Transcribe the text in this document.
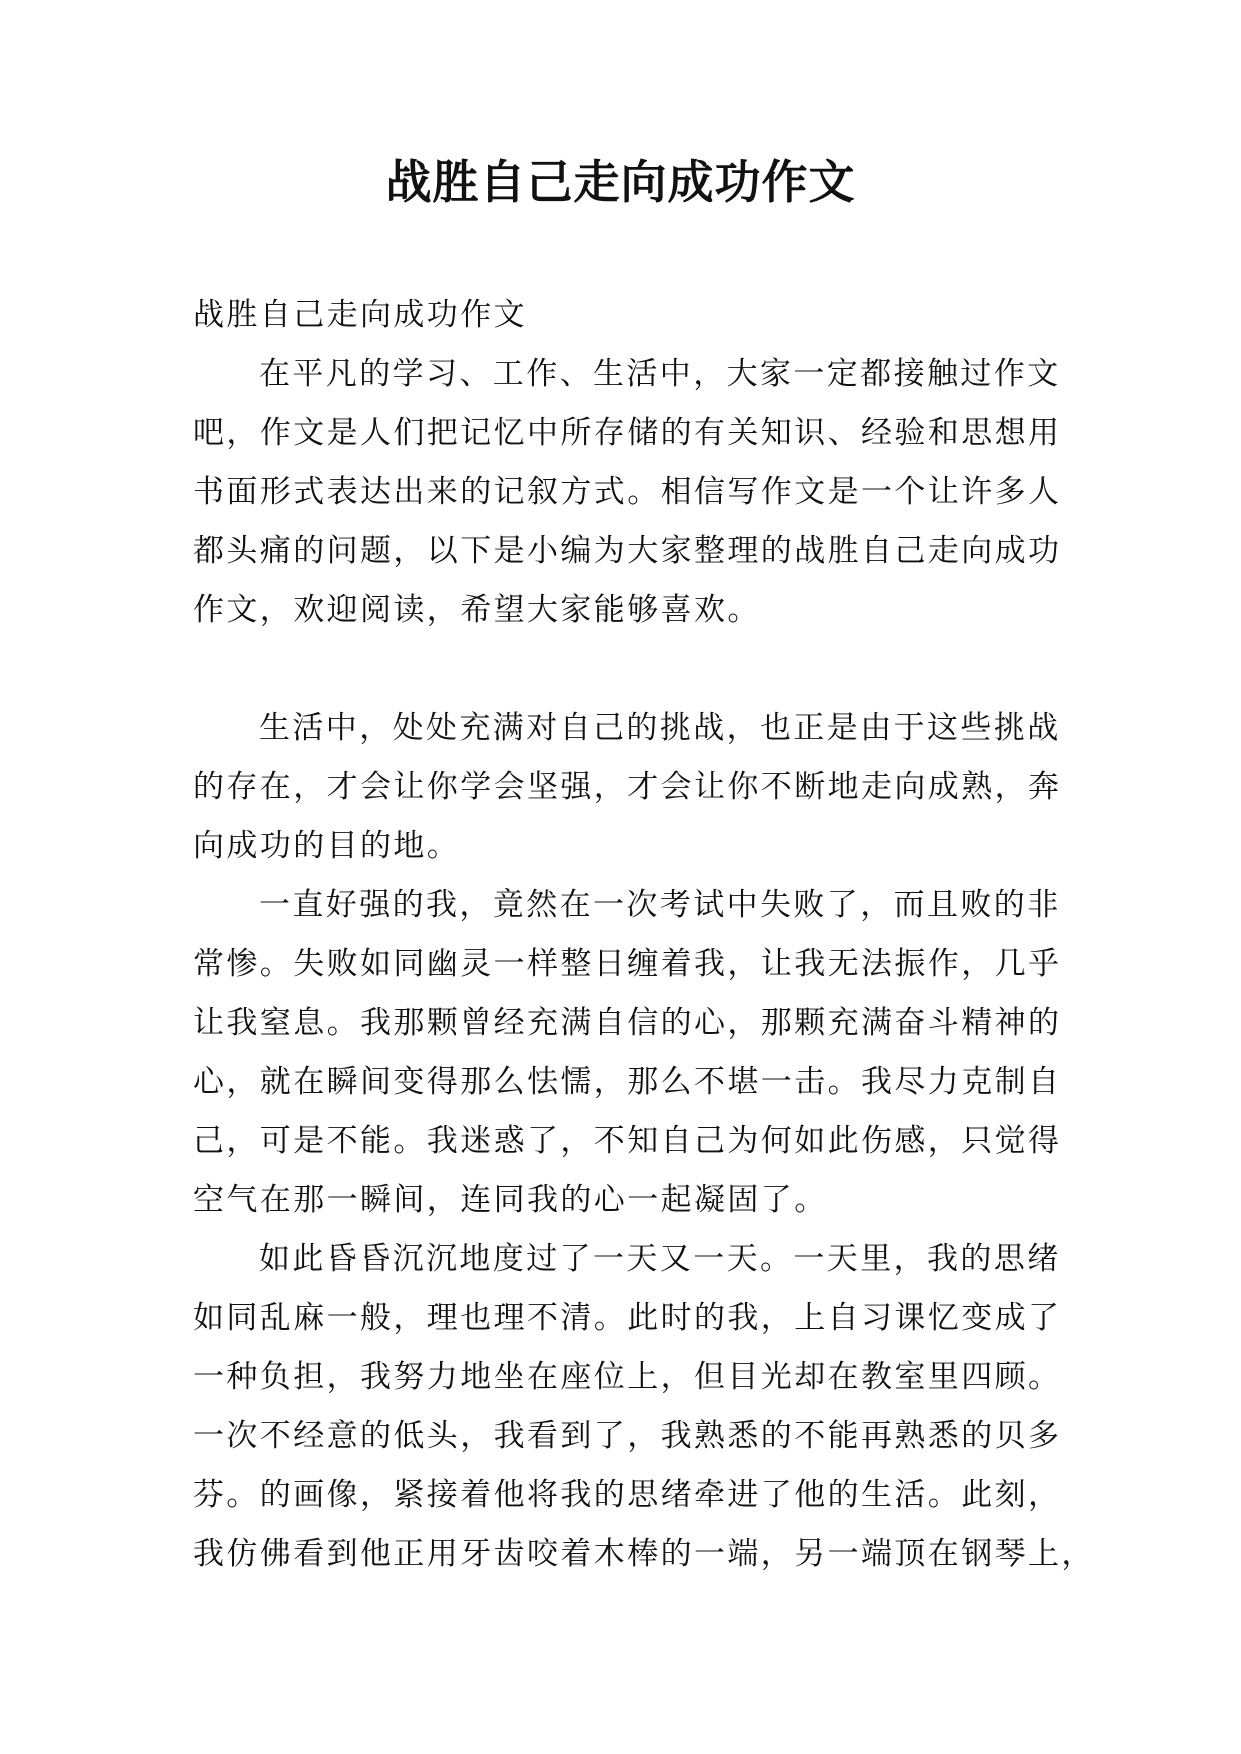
战胜自己走向成功作文
战胜自己走向成功作文
在平凡的学习、工作、生活中，大家一定都接触过作文
吧，作文是人们把记忆中所存储的有关知识、经验和思想用
书面形式表达出来的记叙方式。相信写作文是一个让许多人
都头痛的问题，以下是小编为大家整理的战胜自己走向成功
作文，欢迎阅读，希望大家能够喜欢。
生活中，处处充满对自己的挑战，也正是由于这些挑战
的存在，才会让你学会坚强，才会让你不断地走向成熟，奔
向成功的目的地。
一直好强的我，竟然在一次考试中失败了，而且败的非
常惨。失败如同幽灵一样整日缠着我，让我无法振作，几乎
让我窒息。我那颗曾经充满自信的心，那颗充满奋斗精神的
心，就在瞬间变得那么怯懦，那么不堪一击。我尽力克制自
己，可是不能。我迷惑了，不知自己为何如此伤感，只觉得
空气在那一瞬间，连同我的心一起凝固了。
如此昏昏沉沉地度过了一天又一天。一天里，我的思绪
如同乱麻一般，理也理不清。此时的我，上自习课忆变成了
一种负担，我努力地坐在座位上，但目光却在教室里四顾。
一次不经意的低头，我看到了，我熟悉的不能再熟悉的贝多
芬。的画像，紧接着他将我的思绪牵进了他的生活。此刻，
我仿佛看到他正用牙齿咬着木棒的一端，另一端顶在钢琴上，
